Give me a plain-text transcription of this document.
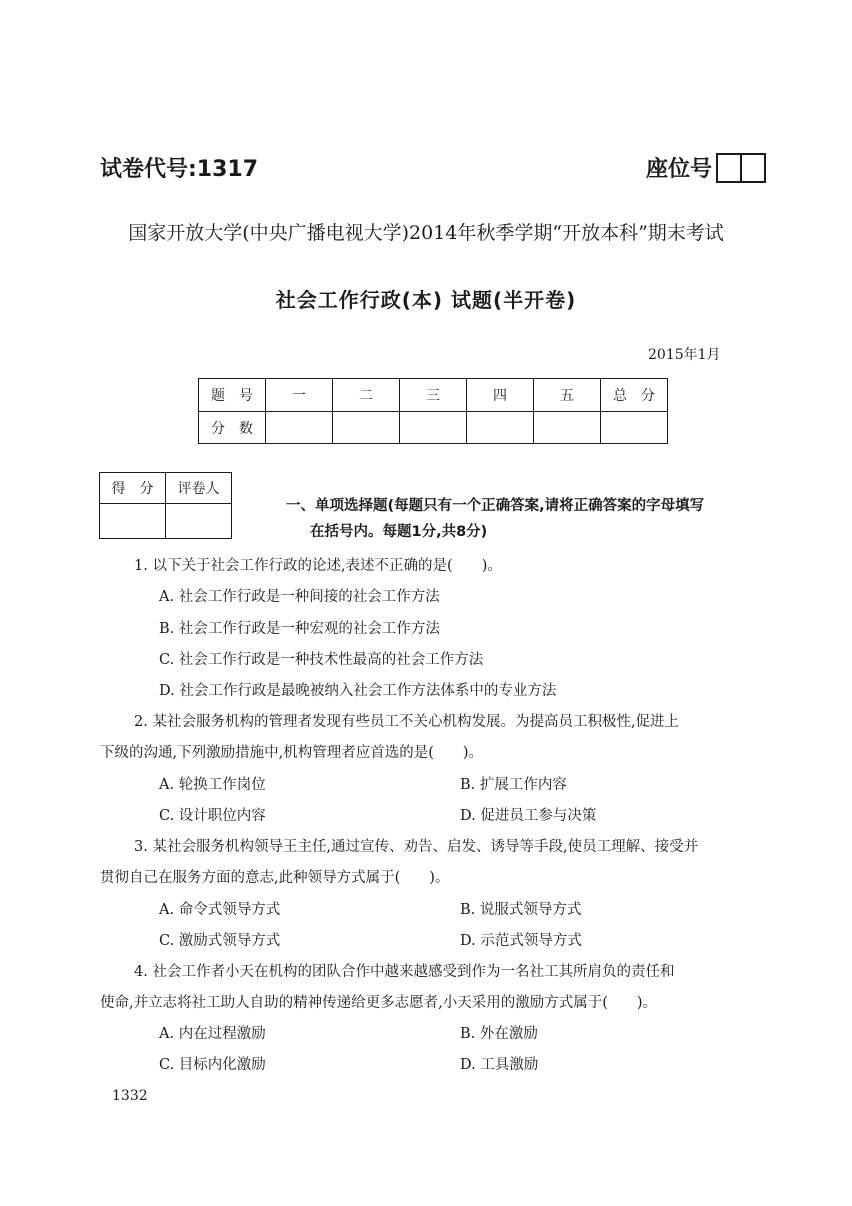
试卷代号:1317	座位号
国家开放大学(中央广播电视大学)2014年秋季学期“开放本科”期末考试
社会工作行政(本) 试题(半开卷)
2015年1月
题　号	一	二	三	四	五	总　分
分　数						
得　分	评卷人

一、单项选择题(每题只有一个正确答案,请将正确答案的字母填写
在括号内。每题1分,共8分)
1. 以下关于社会工作行政的论述,表述不正确的是(　　)。
A. 社会工作行政是一种间接的社会工作方法
B. 社会工作行政是一种宏观的社会工作方法
C. 社会工作行政是一种技术性最高的社会工作方法
D. 社会工作行政是最晚被纳入社会工作方法体系中的专业方法
2. 某社会服务机构的管理者发现有些员工不关心机构发展。为提高员工积极性,促进上
下级的沟通,下列激励措施中,机构管理者应首选的是(　　)。
A. 轮换工作岗位	B. 扩展工作内容
C. 设计职位内容	D. 促进员工参与决策
3. 某社会服务机构领导王主任,通过宣传、劝告、启发、诱导等手段,使员工理解、接受并
贯彻自己在服务方面的意志,此种领导方式属于(　　)。
A. 命令式领导方式	B. 说服式领导方式
C. 激励式领导方式	D. 示范式领导方式
4. 社会工作者小天在机构的团队合作中越来越感受到作为一名社工其所肩负的责任和
使命,并立志将社工助人自助的精神传递给更多志愿者,小天采用的激励方式属于(　　)。
A. 内在过程激励	B. 外在激励
C. 目标内化激励	D. 工具激励
1332
